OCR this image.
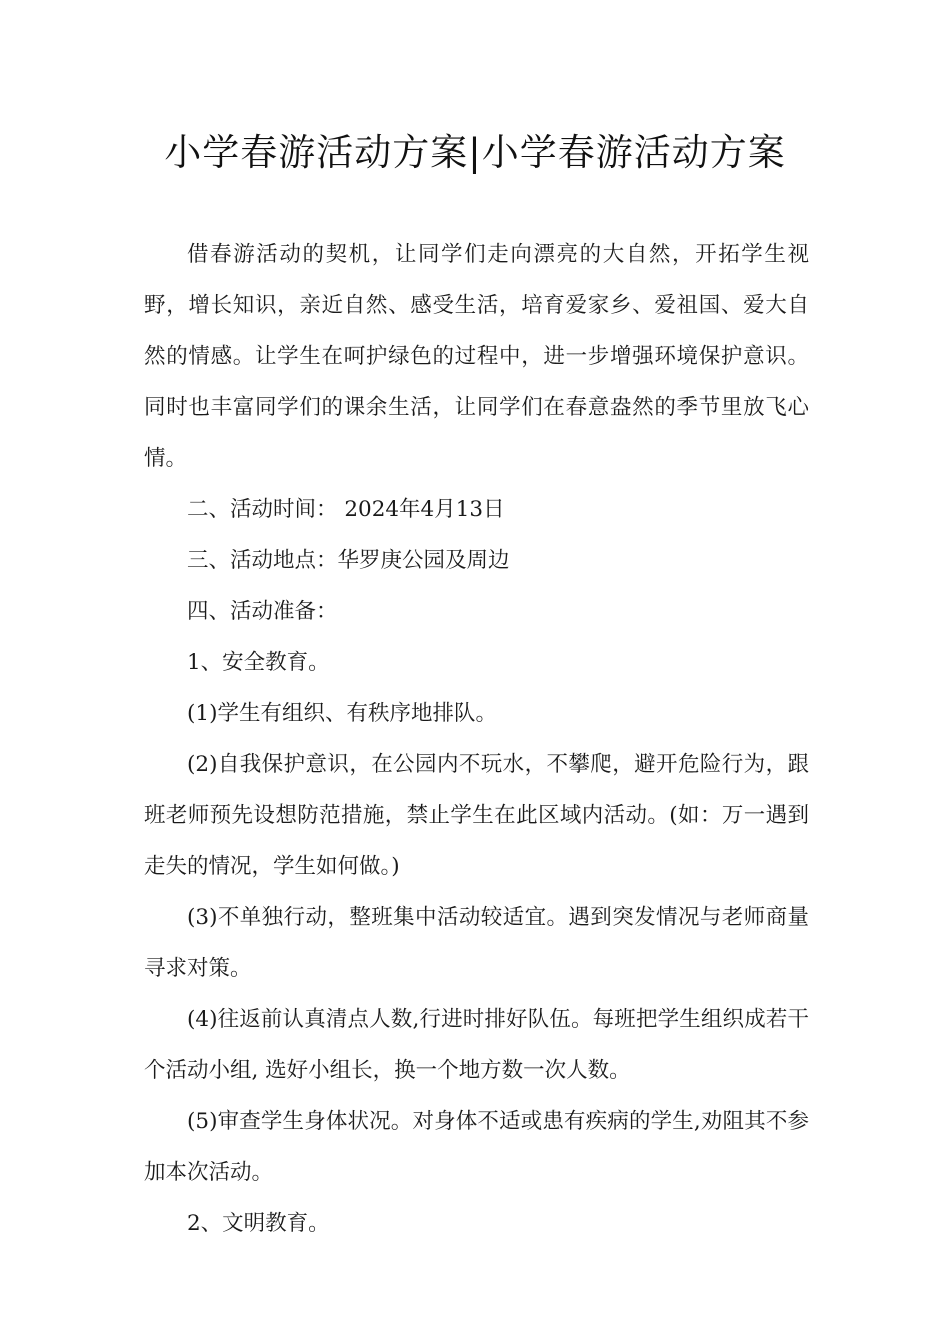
小学春游活动方案|小学春游活动方案

借春游活动的契机，让同学们走向漂亮的大自然，开拓学生视野，增长知识，亲近自然、感受生活，培育爱家乡、爱祖国、爱大自然的情感。让学生在呵护绿色的过程中，进一步增强环境保护意识。同时也丰富同学们的课余生活，让同学们在春意盎然的季节里放飞心情。

二、活动时间： 2024年4月13日

三、活动地点：华罗庚公园及周边

四、活动准备：

1、安全教育。

(1)学生有组织、有秩序地排队。

(2)自我保护意识，在公园内不玩水，不攀爬，避开危险行为，跟班老师预先设想防范措施，禁止学生在此区域内活动。(如：万一遇到走失的情况，学生如何做。)

(3)不单独行动，整班集中活动较适宜。遇到突发情况与老师商量寻求对策。

(4)往返前认真清点人数,行进时排好队伍。每班把学生组织成若干个活动小组, 选好小组长，换一个地方数一次人数。

(5)审查学生身体状况。对身体不适或患有疾病的学生,劝阻其不参加本次活动。

2、文明教育。
